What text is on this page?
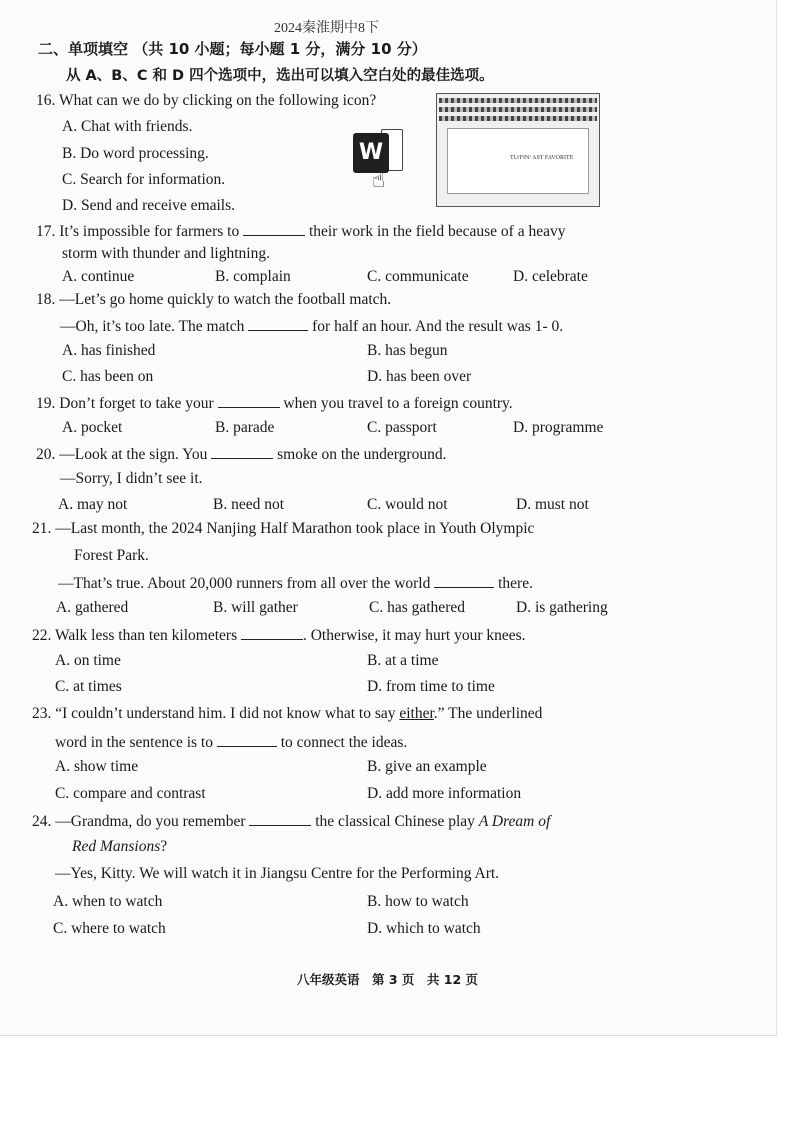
2024秦淮期中8下
二、单项填空 （共 10 小题；每小题 1 分，满分 10 分）
从 A、B、C 和 D 四个选项中，选出可以填入空白处的最佳选项。
16. What can we do by clicking on the following icon?
A. Chat with friends.
B. Do word processing.
C. Search for information.
D. Send and receive emails.
W
☝
TU/FIN/ AST FAVORITE
17. It’s impossible for farmers to	their work in the field because of a heavy
storm with thunder and lightning.
A. continue	B. complain	C. communicate	D. celebrate
18. —Let’s go home quickly to watch the football match.
—Oh, it’s too late. The match	for half an hour. And the result was 1- 0.
A. has finished	B. has begun
C. has been on	D. has been over
19. Don’t forget to take your	when you travel to a foreign country.
A. pocket	B. parade	C. passport	D. programme
20. —Look at the sign. You	smoke on the underground.
—Sorry, I didn’t see it.
A. may not	B. need not	C. would not	D. must not
21. —Last month, the 2024 Nanjing Half Marathon took place in Youth Olympic
Forest Park.
—That’s true. About 20,000 runners from all over the world	there.
A. gathered	B. will gather	C. has gathered	D. is gathering
22. Walk less than ten kilometers	. Otherwise, it may hurt your knees.
A. on time	B. at a time
C. at times	D. from time to time
23. “I couldn’t understand him. I did not know what to say either.” The underlined
word in the sentence is to	to connect the ideas.
A. show time	B. give an example
C. compare and contrast	D. add more information
24. —Grandma, do you remember	the classical Chinese play A Dream of
Red Mansions?
—Yes, Kitty. We will watch it in Jiangsu Centre for the Performing Art.
A. when to watch	B. how to watch
C. where to watch	D. which to watch
八年级英语　第 3 页　共 12 页
